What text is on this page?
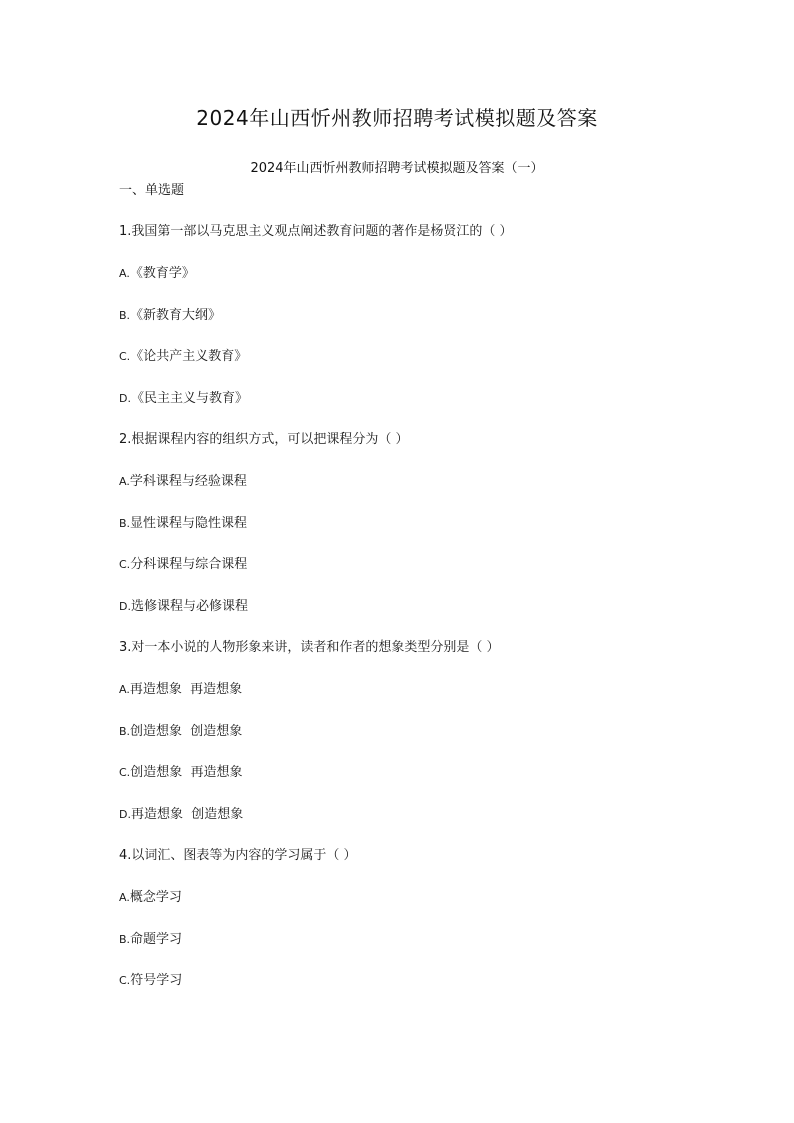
2024年山西忻州教师招聘考试模拟题及答案
2024年山西忻州教师招聘考试模拟题及答案（一）
一、单选题
1.我国第一部以马克思主义观点阐述教育问题的著作是杨贤江的（ ）
A.《教育学》
B.《新教育大纲》
C.《论共产主义教育》
D.《民主主义与教育》
2.根据课程内容的组织方式，可以把课程分为（ ）
A.学科课程与经验课程
B.显性课程与隐性课程
C.分科课程与综合课程
D.选修课程与必修课程
3.对一本小说的人物形象来讲，读者和作者的想象类型分别是（ ）
A.再造想象  再造想象
B.创造想象  创造想象
C.创造想象  再造想象
D.再造想象  创造想象
4.以词汇、图表等为内容的学习属于（ ）
A.概念学习
B.命题学习
C.符号学习
